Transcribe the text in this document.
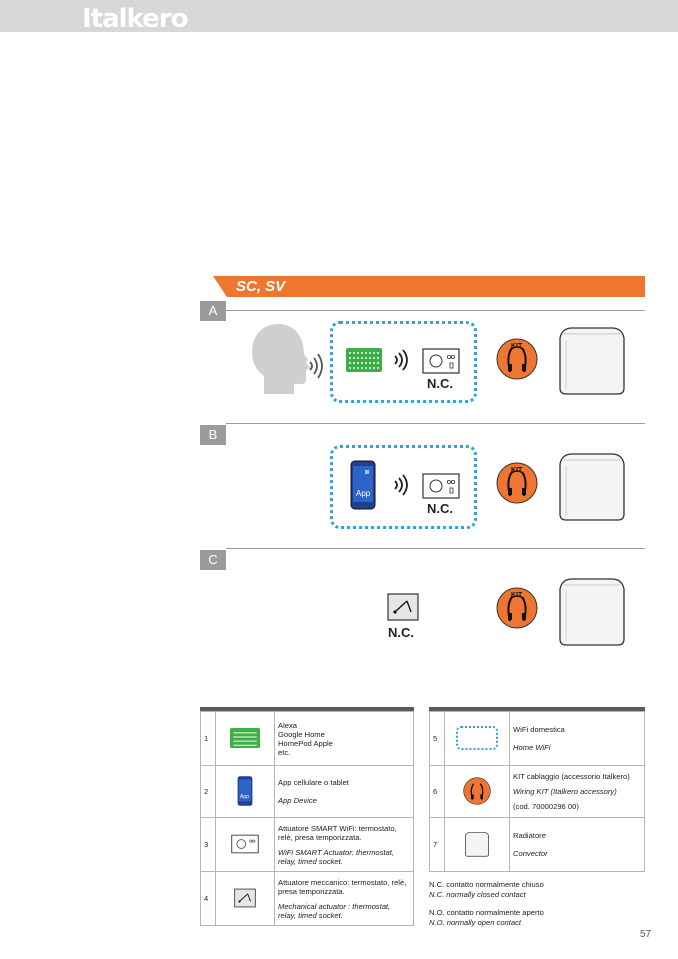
Italkero
SC, SV
A
N.C.
KIT
B
App
N.C.
KIT
C
N.C.
KIT
1		Alexa
Google Home
HomePod Apple
etc.

2	App	App cellulare o tablet
App Device

3		Attuatore SMART WiFi: termostato, relè, presa temporizzata.
WiFi SMART Actuator: thermostat, relay, timed socket.

4		Attuatore meccanico: termostato, relè, presa temporizzata.
Mechanical actuator : thermostat, relay, timed socket.
5		WiFi domestica
Home WiFi

6		KIT cablaggio (accessorio Italkero)
Wiring KIT (Italkero accessory)
(cod. 70000296 00)

7		Radiatore
Convector
N.C. contatto normalmente chiuso
N.C. normally closed contact
N.O. contatto normalmente aperto
N.O. normally open contact
57
